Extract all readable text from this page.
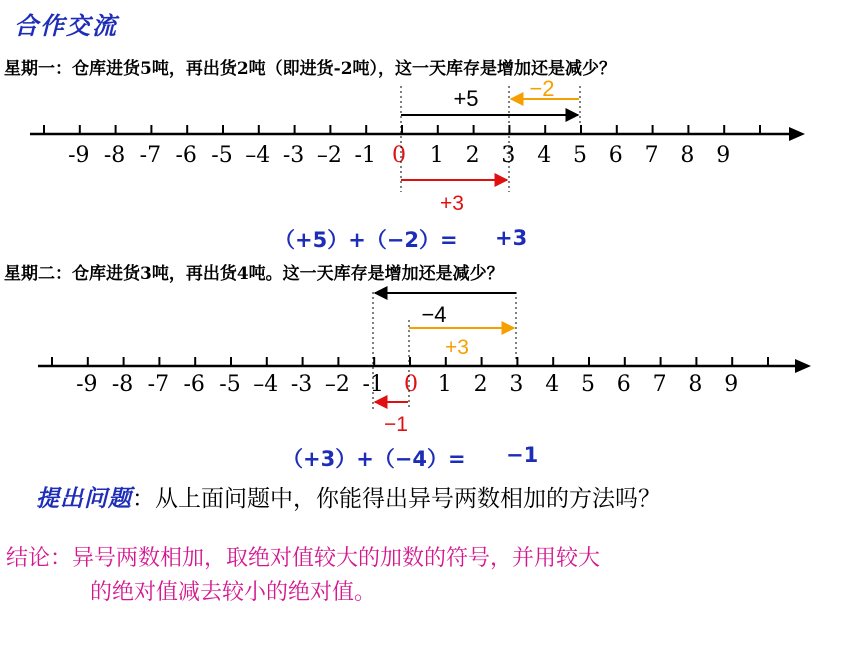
合作交流
星期一：仓库进货5吨，再出货2吨（即进货-2吨），这一天库存是增加还是减少？
-9 -8 -7 -6 -5 –4 -3 –2 -1 1 2 3 4 5 6 7 8 9
0
+5 −2
+3
-9 -8 -7 -6 -5 –4 -3 –2 -1 1 2 3 4 5 6 7 8 9
0
−4
+3
−1
（+5）+（−2）= +3
星期二：仓库进货3吨，再出货4吨。这一天库存是增加还是减少？
（+3）+（−4）= −1
提出问题：从上面问题中，你能得出异号两数相加的方法吗？
结论：异号两数相加，取绝对值较大的加数的符号，并用较大
的绝对值减去较小的绝对值。
